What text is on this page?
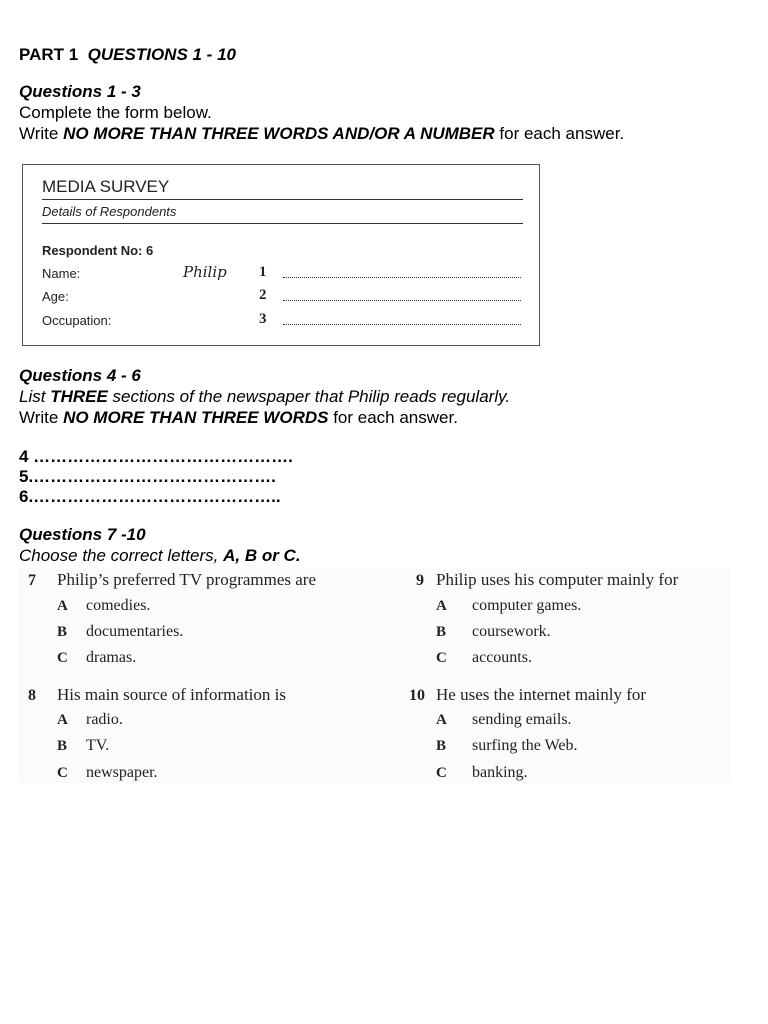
PART 1 QUESTIONS 1 - 10
Questions 1 - 3
Complete the form below.
Write NO MORE THAN THREE WORDS AND/OR A NUMBER for each answer.
MEDIA SURVEY
Details of Respondents
Respondent No: 6
Name:	Philip 1
Age:	2
Occupation:	3
Questions 4 - 6
List THREE sections of the newspaper that Philip reads regularly.
Write NO MORE THAN THREE WORDS for each answer.
4 ……………………………………….
5.…………………………………….
6.……………………………………..
Questions 7 -10
Choose the correct letters, A, B or C.
7 Philip’s preferred TV programmes are
A comedies.
B documentaries.
C dramas.
9 Philip uses his computer mainly for
A computer games.
B coursework.
C accounts.
8 His main source of information is
A radio.
B TV.
C newspaper.
10 He uses the internet mainly for
A sending emails.
B surfing the Web.
C banking.
